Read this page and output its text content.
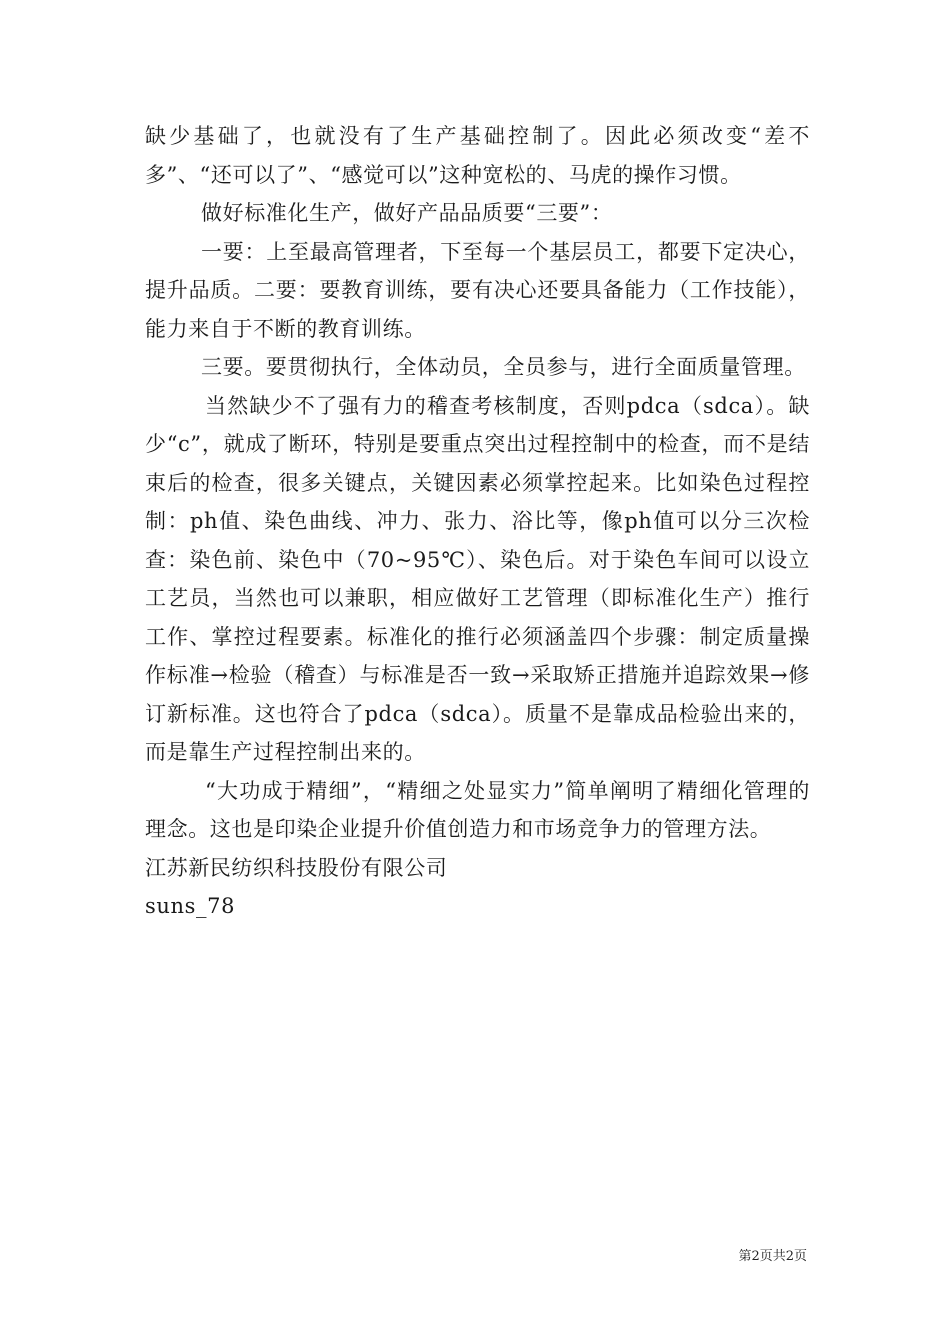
缺少基础了，也就没有了生产基础控制了。因此必须改变“差不多”、“还可以了”、“感觉可以”这种宽松的、马虎的操作习惯。

做好标准化生产，做好产品品质要“三要”：

一要：上至最高管理者，下至每一个基层员工，都要下定决心，提升品质。二要：要教育训练，要有决心还要具备能力（工作技能），能力来自于不断的教育训练。

三要。要贯彻执行，全体动员，全员参与，进行全面质量管理。

当然缺少不了强有力的稽查考核制度，否则pdca（sdca）。缺少“c”，就成了断环，特别是要重点突出过程控制中的检查，而不是结束后的检查，很多关键点，关键因素必须掌控起来。比如染色过程控制：ph值、染色曲线、冲力、张力、浴比等，像ph值可以分三次检查：染色前、染色中（70~95℃）、染色后。对于染色车间可以设立工艺员，当然也可以兼职，相应做好工艺管理（即标准化生产）推行工作、掌控过程要素。标准化的推行必须涵盖四个步骤：制定质量操作标准→检验（稽查）与标准是否一致→采取矫正措施并追踪效果→修订新标准。这也符合了pdca（sdca）。质量不是靠成品检验出来的，而是靠生产过程控制出来的。

“大功成于精细”，“精细之处显实力”简单阐明了精细化管理的理念。这也是印染企业提升价值创造力和市场竞争力的管理方法。

江苏新民纺织科技股份有限公司

suns_78

第2页共2页
